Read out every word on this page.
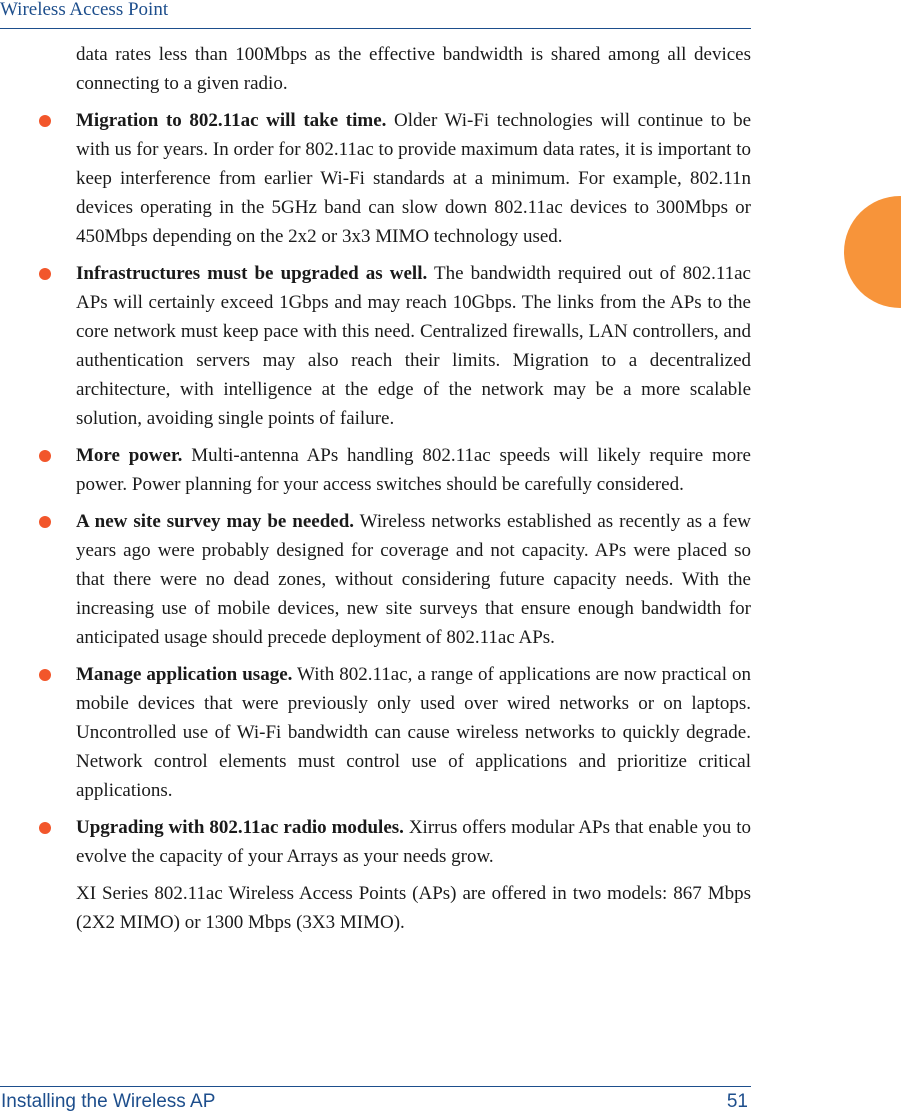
Wireless Access Point

data rates less than 100Mbps as the effective bandwidth is shared among all devices connecting to a given radio.

Migration to 802.11ac will take time. Older Wi-Fi technologies will continue to be with us for years. In order for 802.11ac to provide maximum data rates, it is important to keep interference from earlier Wi-Fi standards at a minimum. For example, 802.11n devices operating in the 5GHz band can slow down 802.11ac devices to 300Mbps or 450Mbps depending on the 2x2 or 3x3 MIMO technology used.

Infrastructures must be upgraded as well. The bandwidth required out of 802.11ac APs will certainly exceed 1Gbps and may reach 10Gbps. The links from the APs to the core network must keep pace with this need. Centralized firewalls, LAN controllers, and authentication servers may also reach their limits. Migration to a decentralized architecture, with intelligence at the edge of the network may be a more scalable solution, avoiding single points of failure.

More power. Multi-antenna APs handling 802.11ac speeds will likely require more power. Power planning for your access switches should be carefully considered.

A new site survey may be needed. Wireless networks established as recently as a few years ago were probably designed for coverage and not capacity. APs were placed so that there were no dead zones, without considering future capacity needs. With the increasing use of mobile devices, new site surveys that ensure enough bandwidth for anticipated usage should precede deployment of 802.11ac APs.

Manage application usage. With 802.11ac, a range of applications are now practical on mobile devices that were previously only used over wired networks or on laptops. Uncontrolled use of Wi-Fi bandwidth can cause wireless networks to quickly degrade. Network control elements must control use of applications and prioritize critical applications.

Upgrading with 802.11ac radio modules. Xirrus offers modular APs that enable you to evolve the capacity of your Arrays as your needs grow.

XI Series 802.11ac Wireless Access Points (APs) are offered in two models: 867 Mbps (2X2 MIMO) or 1300 Mbps (3X3 MIMO).

Installing the Wireless AP	51
